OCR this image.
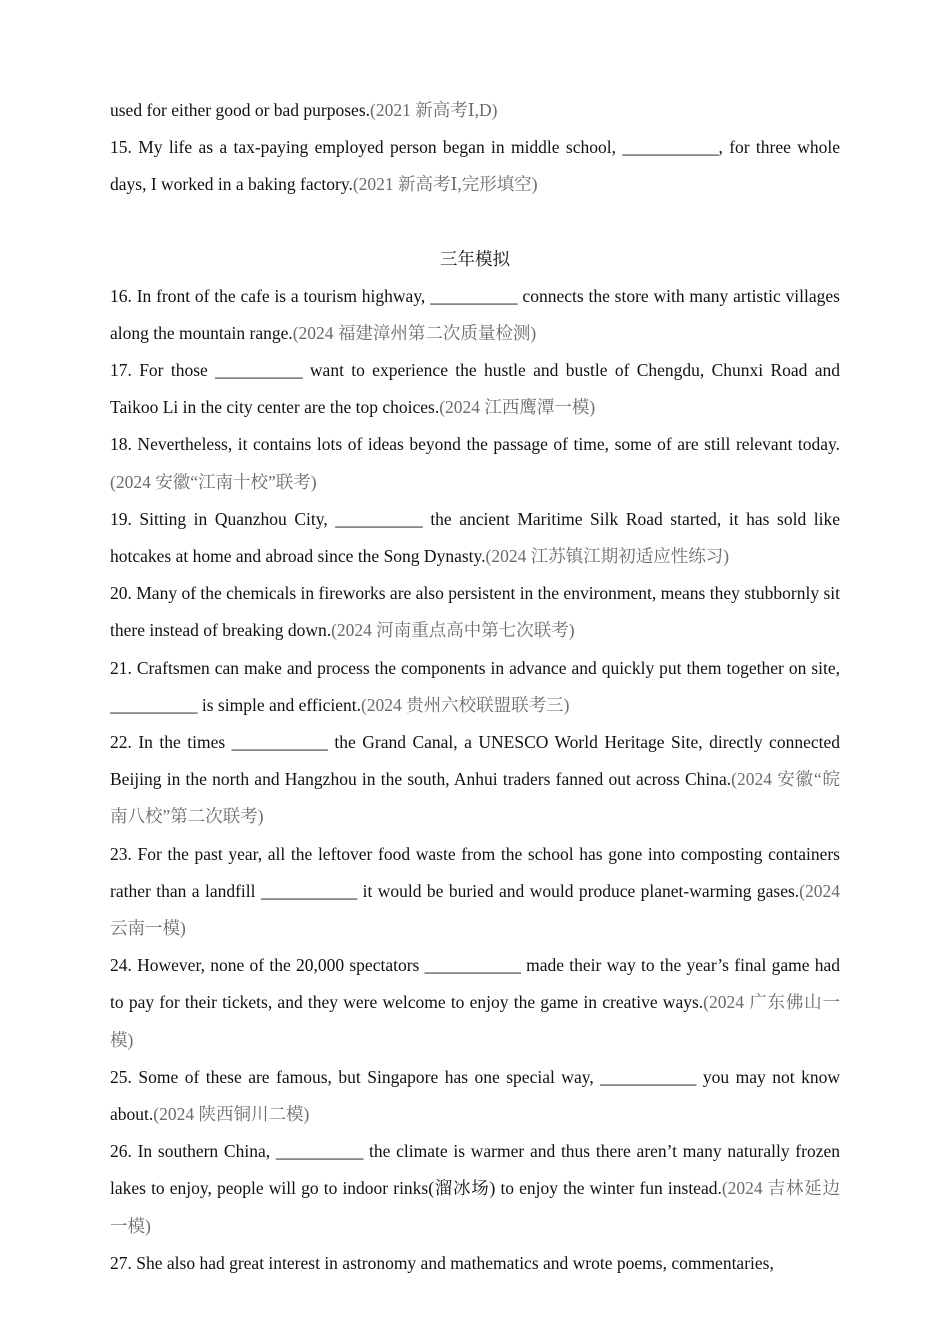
used for either good or bad purposes.(2021 新高考Ⅰ,D)

15. My life as a tax-paying employed person began in middle school, ___________, for three whole days, I worked in a baking factory.(2021 新高考Ⅰ,完形填空)

三年模拟

16. In front of the cafe is a tourism highway, __________ connects the store with many artistic villages along the mountain range.(2024 福建漳州第二次质量检测)

17. For those __________ want to experience the hustle and bustle of Chengdu, Chunxi Road and Taikoo Li in the city center are the top choices.(2024 江西鹰潭一模)

18. Nevertheless, it contains lots of ideas beyond the passage of time, some of are still relevant today.(2024 安徽“江南十校”联考)

19. Sitting in Quanzhou City, __________ the ancient Maritime Silk Road started, it has sold like hotcakes at home and abroad since the Song Dynasty.(2024 江苏镇江期初适应性练习)

20. Many of the chemicals in fireworks are also persistent in the environment, means they stubbornly sit there instead of breaking down.(2024 河南重点高中第七次联考)

21. Craftsmen can make and process the components in advance and quickly put them together on site, __________ is simple and efficient.(2024 贵州六校联盟联考三)

22. In the times ___________ the Grand Canal, a UNESCO World Heritage Site, directly connected Beijing in the north and Hangzhou in the south, Anhui traders fanned out across China.(2024 安徽“皖南八校”第二次联考)

23. For the past year, all the leftover food waste from the school has gone into composting containers rather than a landfill ___________ it would be buried and would produce planet-warming gases.(2024 云南一模)

24. However, none of the 20,000 spectators ___________ made their way to the year’s final game had to pay for their tickets, and they were welcome to enjoy the game in creative ways.(2024 广东佛山一模)

25. Some of these are famous, but Singapore has one special way, ___________ you may not know about.(2024 陕西铜川二模)

26. In southern China, __________ the climate is warmer and thus there aren’t many naturally frozen lakes to enjoy, people will go to indoor rinks(溜冰场) to enjoy the winter fun instead.(2024 吉林延边一模)

27. She also had great interest in astronomy and mathematics and wrote poems, commentaries,
